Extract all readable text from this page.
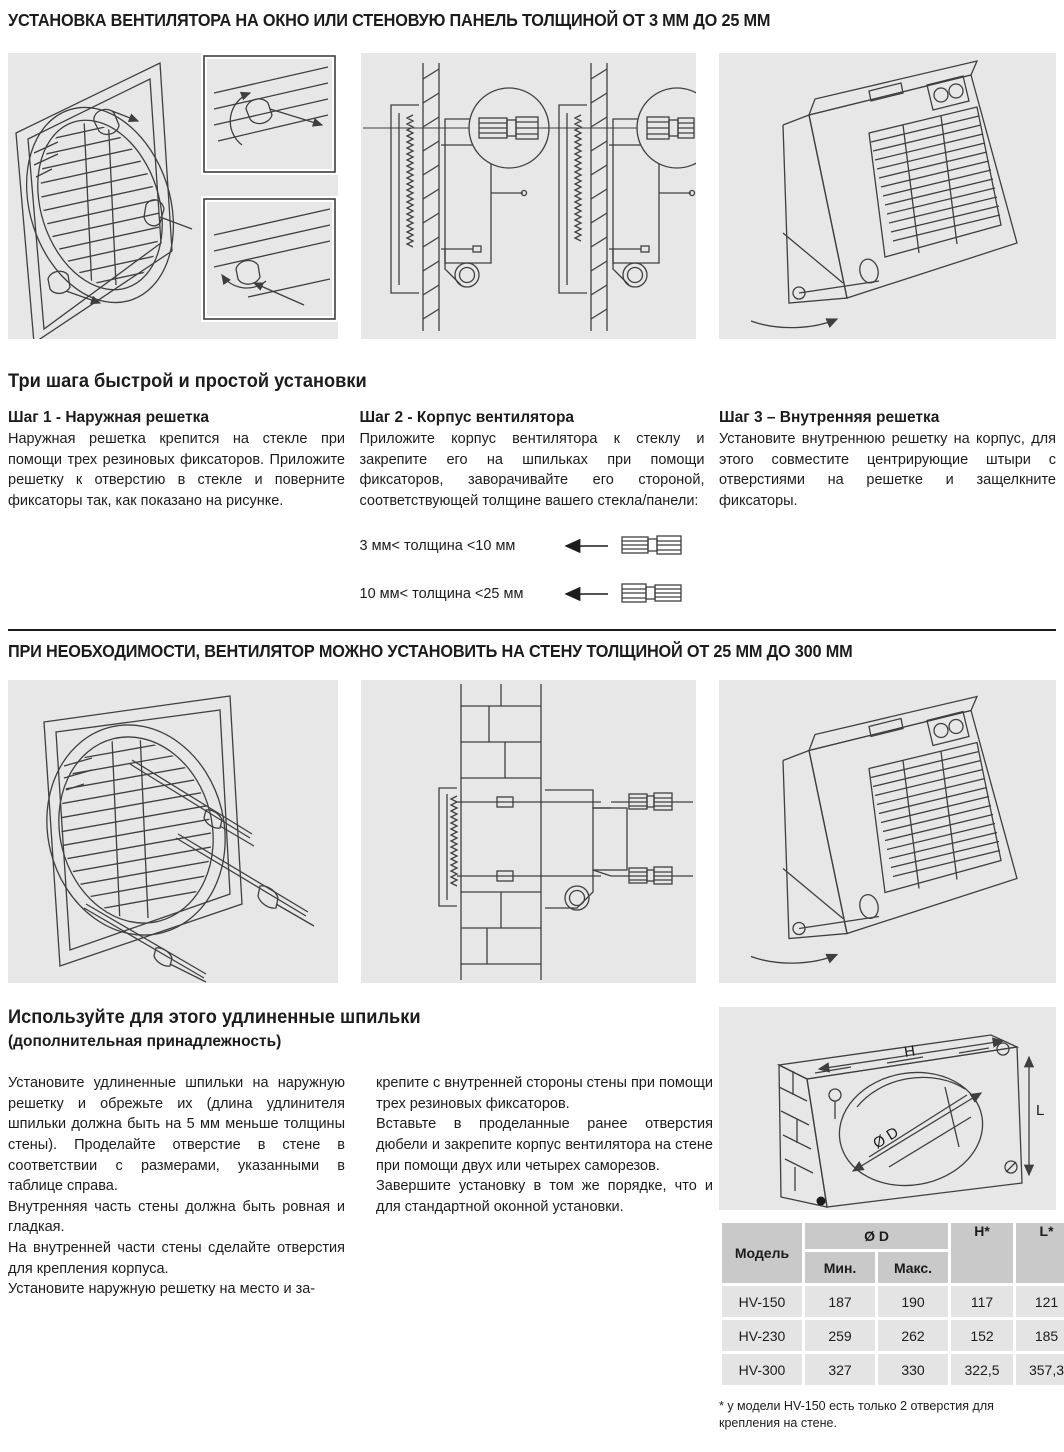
УСТАНОВКА ВЕНТИЛЯТОРА НА ОКНО ИЛИ СТЕНОВУЮ ПАНЕЛЬ ТОЛЩИНОЙ ОТ 3 ММ ДО 25 ММ
Три шага быстрой и простой установки
Шаг 1 - Наружная решетка

Наружная решетка крепится на стекле при помощи трех резиновых фиксаторов. Приложите решетку к отверстию в стекле и поверните фиксаторы так, как показано на рисунке.

Шаг 2 - Корпус вентилятора

Приложите корпус вентилятора к стеклу и закрепите его на шпильках при помощи фиксаторов, заворачивайте его стороной, соответствующей толщине вашего стекла/панели:

3 мм< толщина <10 мм
10 мм< толщина <25 мм
Шаг 3 – Внутренняя решетка

Установите внутреннюю решетку на корпус, для этого совместите центрирующие штыри с отверстиями на решетке и защелкните фиксаторы.

ПРИ НЕОБХОДИМОСТИ, ВЕНТИЛЯТОР МОЖНО УСТАНОВИТЬ НА СТЕНУ ТОЛЩИНОЙ ОТ 25 ММ ДО 300 ММ
Используйте для этого удлиненные шпильки
(дополнительная принадлежность)

Установите удлиненные шпильки на наружную решетку и обрежьте их (длина удлинителя шпильки должна быть на 5 мм меньше толщины стены). Проделайте отверстие в стене в соответствии с размерами, указанными в таблице справа.

Внутренняя часть стены должна быть ровная и гладкая.

На внутренней части стены сделайте отверстия для крепления корпуса.

Установите наружную решетку на место и за-

крепите с внутренней стороны стены при помощи трех резиновых фиксаторов.

Вставьте в проделанные ранее отверстия дюбели и закрепите корпус вентилятора на стене при помощи двух или четырех саморезов.

Завершите установку в том же порядке, что и для стандартной оконной установки.

H
L
Ø D
Модель	Ø D		H*	L*
	Мин.	Макс.		
HV-150	187	190	117	121
HV-230	259	262	152	185
HV-300	327	330	322,5	357,3

* у модели HV-150 есть только 2 отверстия для крепления на стене.
